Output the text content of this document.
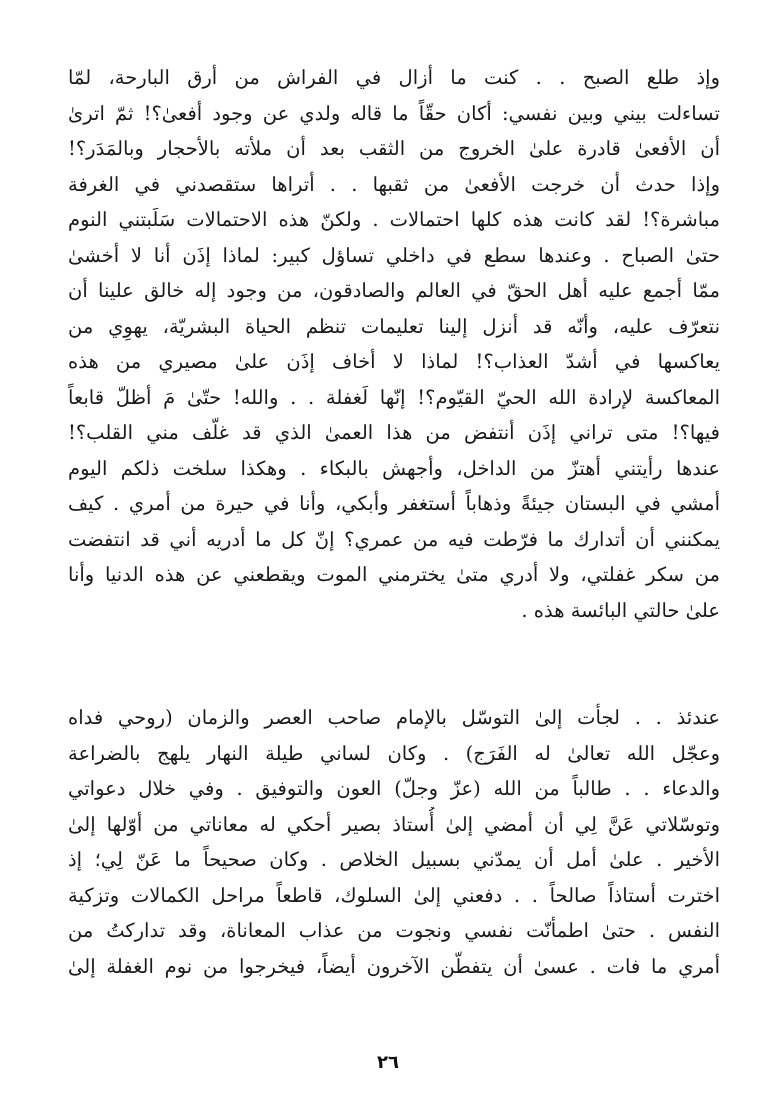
وإذ طلع الصبح . . كنت ما أزال في الفراش من أرق البارحة، لمّا
تساءلت بيني وبين نفسي: أكان حقّاً ما قاله ولدي عن وجود أفعىٰ؟! ثمّ اترىٰ
أن الأفعىٰ قادرة علىٰ الخروج من الثقب بعد أن ملأته بالأحجار وبالمَدَر؟!
وإذا حدث أن خرجت الأفعىٰ من ثقبها . . أتراها ستقصدني في الغرفة
مباشرة؟! لقد كانت هذه كلها احتمالات . ولكنّ هذه الاحتمالات سَلَبتني النوم
حتىٰ الصباح . وعندها سطع في داخلي تساؤل كبير: لماذا إذَن أنا لا أخشىٰ
ممّا أجمع عليه أهل الحقّ في العالم والصادقون، من وجود إله خالق علينا أن
نتعرّف عليه، وأنّه قد أنزل إلينا تعليمات تنظم الحياة البشريّة، يهوِي من
يعاكسها في أشدّ العذاب؟! لماذا لا أخاف إذَن علىٰ مصيري من هذه
المعاكسة لإرادة الله الحيّ القيّوم؟! إنّها لَغفلة . . والله! حتّىٰ مَ أظلّ قابعاً
فيها؟! متى تراني إذَن أنتفض من هذا العمىٰ الذي قد غلّف مني القلب؟!
عندها رأيتني أهتزّ من الداخل، وأجهش بالبكاء . وهكذا سلخت ذلكم اليوم
أمشي في البستان جيئةً وذهاباً أستغفر وأبكي، وأنا في حيرة من أمري . كيف
يمكنني أن أتدارك ما فرّطت فيه من عمري؟ إنّ كل ما أدريه أني قد انتفضت
من سكر غفلتي، ولا أدري متىٰ يخترمني الموت ويقطعني عن هذه الدنيا وأنا
علىٰ حالتي البائسة هذه .
عندئذ . . لجأت إلىٰ التوسّل بالإمام صاحب العصر والزمان (روحي فداه
وعجّل الله تعالىٰ له الفَرَج) . وكان لساني طيلة النهار يلهج بالضراعة
والدعاء . . طالباً من الله (عزّ وجلّ) العون والتوفيق . وفي خلال دعواتي
وتوسّلاتي عَنَّ لِي أن أمضي إلىٰ أُستاذ بصير أحكي له معاناتي من أوّلها إلىٰ
الأخير . علىٰ أمل أن يمدّني بسبيل الخلاص . وكان صحيحاً ما عَنّ لِي؛ إذ
اخترت أستاذاً صالحاً . . دفعني إلىٰ السلوك، قاطعاً مراحل الكمالات وتزكية
النفس . حتىٰ اطمأنّت نفسي ونجوت من عذاب المعاناة، وقد تداركتُ من
أمري ما فات . عسىٰ أن يتفطّن الآخرون أيضاً، فيخرجوا من نوم الغفلة إلىٰ
٢٦
